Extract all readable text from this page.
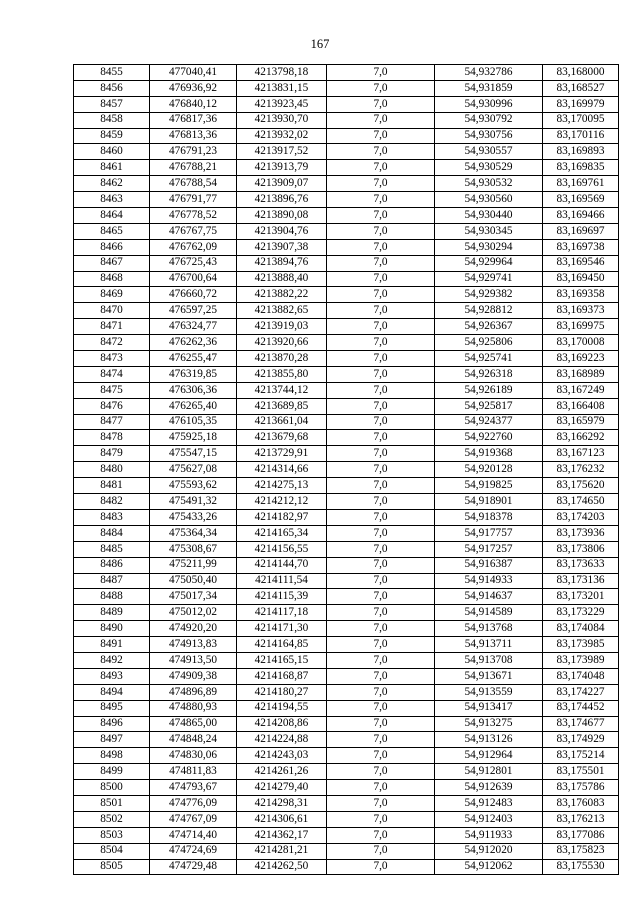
167
8455	477040,41	4213798,18	7,0	54,932786	83,168000
8456	476936,92	4213831,15	7,0	54,931859	83,168527
8457	476840,12	4213923,45	7,0	54,930996	83,169979
8458	476817,36	4213930,70	7,0	54,930792	83,170095
8459	476813,36	4213932,02	7,0	54,930756	83,170116
8460	476791,23	4213917,52	7,0	54,930557	83,169893
8461	476788,21	4213913,79	7,0	54,930529	83,169835
8462	476788,54	4213909,07	7,0	54,930532	83,169761
8463	476791,77	4213896,76	7,0	54,930560	83,169569
8464	476778,52	4213890,08	7,0	54,930440	83,169466
8465	476767,75	4213904,76	7,0	54,930345	83,169697
8466	476762,09	4213907,38	7,0	54,930294	83,169738
8467	476725,43	4213894,76	7,0	54,929964	83,169546
8468	476700,64	4213888,40	7,0	54,929741	83,169450
8469	476660,72	4213882,22	7,0	54,929382	83,169358
8470	476597,25	4213882,65	7,0	54,928812	83,169373
8471	476324,77	4213919,03	7,0	54,926367	83,169975
8472	476262,36	4213920,66	7,0	54,925806	83,170008
8473	476255,47	4213870,28	7,0	54,925741	83,169223
8474	476319,85	4213855,80	7,0	54,926318	83,168989
8475	476306,36	4213744,12	7,0	54,926189	83,167249
8476	476265,40	4213689,85	7,0	54,925817	83,166408
8477	476105,35	4213661,04	7,0	54,924377	83,165979
8478	475925,18	4213679,68	7,0	54,922760	83,166292
8479	475547,15	4213729,91	7,0	54,919368	83,167123
8480	475627,08	4214314,66	7,0	54,920128	83,176232
8481	475593,62	4214275,13	7,0	54,919825	83,175620
8482	475491,32	4214212,12	7,0	54,918901	83,174650
8483	475433,26	4214182,97	7,0	54,918378	83,174203
8484	475364,34	4214165,34	7,0	54,917757	83,173936
8485	475308,67	4214156,55	7,0	54,917257	83,173806
8486	475211,99	4214144,70	7,0	54,916387	83,173633
8487	475050,40	4214111,54	7,0	54,914933	83,173136
8488	475017,34	4214115,39	7,0	54,914637	83,173201
8489	475012,02	4214117,18	7,0	54,914589	83,173229
8490	474920,20	4214171,30	7,0	54,913768	83,174084
8491	474913,83	4214164,85	7,0	54,913711	83,173985
8492	474913,50	4214165,15	7,0	54,913708	83,173989
8493	474909,38	4214168,87	7,0	54,913671	83,174048
8494	474896,89	4214180,27	7,0	54,913559	83,174227
8495	474880,93	4214194,55	7,0	54,913417	83,174452
8496	474865,00	4214208,86	7,0	54,913275	83,174677
8497	474848,24	4214224,88	7,0	54,913126	83,174929
8498	474830,06	4214243,03	7,0	54,912964	83,175214
8499	474811,83	4214261,26	7,0	54,912801	83,175501
8500	474793,67	4214279,40	7,0	54,912639	83,175786
8501	474776,09	4214298,31	7,0	54,912483	83,176083
8502	474767,09	4214306,61	7,0	54,912403	83,176213
8503	474714,40	4214362,17	7,0	54,911933	83,177086
8504	474724,69	4214281,21	7,0	54,912020	83,175823
8505	474729,48	4214262,50	7,0	54,912062	83,175530
